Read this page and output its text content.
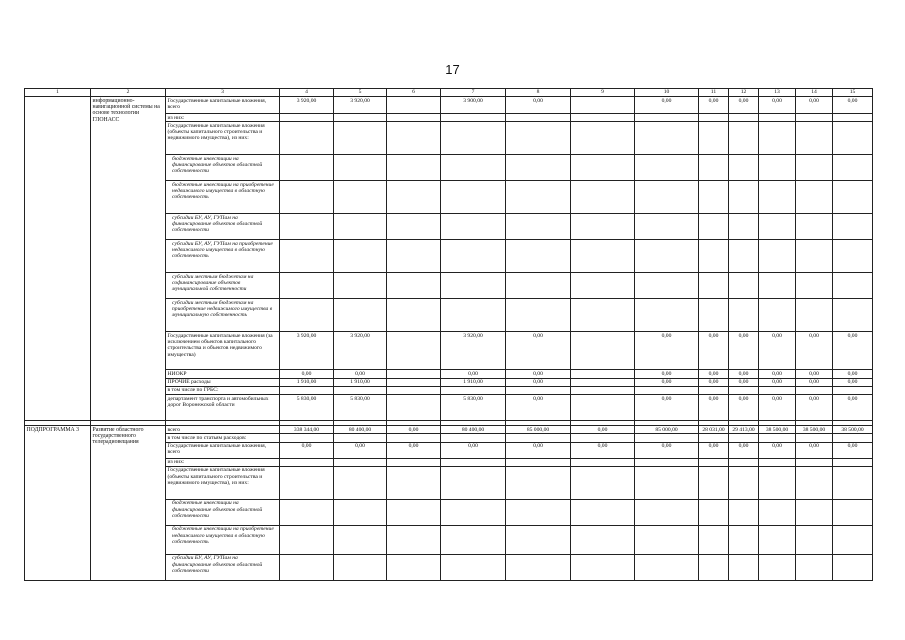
17
1	2	3	4	5	6	7	8	9	10	11	12	13	14	15
	информационно-навигационной системы на основе технологии ГЛОНАСС	Государственные капитальные вложения, всего	3 920,00	3 920,00		3 900,00	0,00		0,00	0,00	0,00	0,00	0,00	0,00
		из них:												
		Государственные капитальные вложения (объекты капитального строительства и недвижимого имущества), из них:												
		бюджетные инвестиции на финансирование объектов областной собственности												
		бюджетные инвестиции на приобретение недвижимого имущества в областную собственность												
		субсидии БУ, АУ, ГУПам на финансирование объектов областной собственности												
		субсидии БУ, АУ, ГУПам на приобретение недвижимого имущества в областную собственность												
		субсидии местным бюджетам на софинансирование объектов муниципальной собственности												
		субсидии местным бюджетам на приобретение недвижимого имущества в муниципальную собственность												
		Государственные капитальные вложения (за исключением объектов капитального строительства и объектов недвижимого имущества)	3 920,00	3 920,00		3 920,00	0,00		0,00	0,00	0,00	0,00	0,00	0,00
		НИОКР	0,00	0,00		0,00	0,00		0,00	0,00	0,00	0,00	0,00	0,00
		ПРОЧИЕ расходы	1 910,00	1 910,00		1 910,00	0,00		0,00	0,00	0,00	0,00	0,00	0,00
		в том числе по ГРБС:												
		департамент транспорта и автомобильных дорог Воронежской области	5 830,00	5 830,00		5 830,00	0,00		0,00	0,00	0,00	0,00	0,00	0,00

ПОДПРОГРАММА 3	Развитие областного государственного телерадиовещания	всего	338 344,00	80 400,00	0,00	80 400,00	85 000,00	0,00	85 000,00	28 031,00	29 413,00	38 500,00	38 500,00	38 500,00
		в том числе по статьям расходов:												
		Государственные капитальные вложения, всего	0,00	0,00	0,00	0,00	0,00	0,00	0,00	0,00	0,00	0,00	0,00	0,00
		из них:												
		Государственные капитальные вложения (объекты капитального строительства и недвижимого имущества), из них:												
		бюджетные инвестиции на финансирование объектов областной собственности												
		бюджетные инвестиции на приобретение недвижимого имущества в областную собственность												
		субсидии БУ, АУ, ГУПам на финансирование объектов областной собственности												
